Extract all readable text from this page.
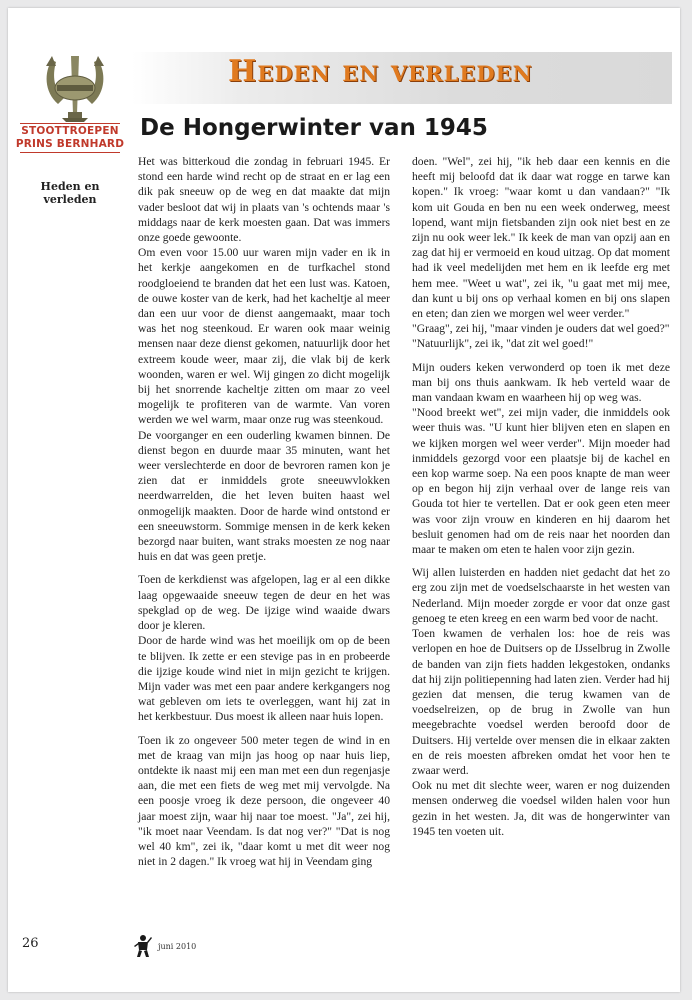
STOOTTROEPEN
PRINS BERNHARD
Heden en verleden
Heden en verleden
De Hongerwinter van 1945

Het was bitterkoud die zondag in februari 1945. Er stond een harde wind recht op de straat en er lag een dik pak sneeuw op de weg en dat maakte dat mijn vader besloot dat wij in plaats van 's ochtends maar 's middags naar de kerk moesten gaan. Dat was immers onze goede gewoonte.

Om even voor 15.00 uur waren mijn vader en ik in het kerkje aangekomen en de turfkachel stond roodgloeiend te branden dat het een lust was. Katoen, de ouwe koster van de kerk, had het kacheltje al meer dan een uur voor de dienst aangemaakt, maar toch was het nog steenkoud. Er waren ook maar weinig mensen naar deze dienst gekomen, natuurlijk door het extreem koude weer, maar zij, die vlak bij de kerk woonden, waren er wel. Wij gingen zo dicht mogelijk bij het snorrende kacheltje zitten om maar zo veel mogelijk te profiteren van de warmte. Van voren werden we wel warm, maar onze rug was steenkoud.

De voorganger en een ouderling kwamen binnen. De dienst begon en duurde maar 35 minuten, want het weer verslechterde en door de bevroren ramen kon je zien dat er inmiddels grote sneeuwvlokken neerdwarrelden, die het leven buiten haast wel onmogelijk maakten. Door de harde wind ontstond er een sneeuwstorm. Sommige mensen in de kerk keken bezorgd naar buiten, want straks moesten ze nog naar huis en dat was geen pretje.

Toen de kerkdienst was afgelopen, lag er al een dikke laag opgewaaide sneeuw tegen de deur en het was spekglad op de weg. De ijzige wind waaide dwars door je kleren.

Door de harde wind was het moeilijk om op de been te blijven. Ik zette er een stevige pas in en probeerde die ijzige koude wind niet in mijn gezicht te krijgen. Mijn vader was met een paar andere kerkgangers nog wat gebleven om iets te overleggen, want hij zat in het kerkbestuur. Dus moest ik alleen naar huis lopen.

Toen ik zo ongeveer 500 meter tegen de wind in en met de kraag van mijn jas hoog op naar huis liep, ontdekte ik naast mij een man met een dun regenjasje aan, die met een fiets de weg met mij vervolgde. Na een poosje vroeg ik deze persoon, die ongeveer 40 jaar moest zijn, waar hij naar toe moest. "Ja", zei hij, "ik moet naar Veendam. Is dat nog ver?" "Dat is nog wel 40 km", zei ik, "daar komt u met dit weer nog niet in 2 dagen." Ik vroeg wat hij in Veendam ging

doen. "Wel", zei hij, "ik heb daar een kennis en die heeft mij beloofd dat ik daar wat rogge en tarwe kan kopen." Ik vroeg: "waar komt u dan vandaan?" "Ik kom uit Gouda en ben nu een week onderweg, meest lopend, want mijn fietsbanden zijn ook niet best en ze zijn nu ook weer lek." Ik keek de man van opzij aan en zag dat hij er vermoeid en koud uitzag. Op dat moment had ik veel medelijden met hem en ik leefde erg met hem mee. "Weet u wat", zei ik, "u gaat met mij mee, dan kunt u bij ons op verhaal komen en bij ons slapen en eten; dan zien we morgen wel weer verder."

"Graag", zei hij, "maar vinden je ouders dat wel goed?"

"Natuurlijk", zei ik, "dat zit wel goed!"

Mijn ouders keken verwonderd op toen ik met deze man bij ons thuis aankwam. Ik heb verteld waar de man vandaan kwam en waarheen hij op weg was.

"Nood breekt wet", zei mijn vader, die inmiddels ook weer thuis was. "U kunt hier blijven eten en slapen en we kijken morgen wel weer verder". Mijn moeder had inmiddels gezorgd voor een plaatsje bij de kachel en een kop warme soep. Na een poos knapte de man weer op en begon hij zijn verhaal over de lange reis van Gouda tot hier te vertellen. Dat er ook geen eten meer was voor zijn vrouw en kinderen en hij daarom het besluit genomen had om de reis naar het noorden dan maar te maken om eten te halen voor zijn gezin.

Wij allen luisterden en hadden niet gedacht dat het zo erg zou zijn met de voedselschaarste in het westen van Nederland. Mijn moeder zorgde er voor dat onze gast genoeg te eten kreeg en een warm bed voor de nacht.

Toen kwamen de verhalen los: hoe de reis was verlopen en hoe de Duitsers op de IJsselbrug in Zwolle de banden van zijn fiets hadden lekgestoken, ondanks dat hij zijn politiepenning had laten zien. Verder had hij gezien dat mensen, die terug kwamen van de voedselreizen, op de brug in Zwolle van hun meegebrachte voedsel werden beroofd door de Duitsers. Hij vertelde over mensen die in elkaar zakten en de reis moesten afbreken omdat het voor hen te zwaar werd.

Ook nu met dit slechte weer, waren er nog duizenden mensen onderweg die voedsel wilden halen voor hun gezin in het westen. Ja, dit was de hongerwinter van 1945 ten voeten uit.

26	juni 2010
